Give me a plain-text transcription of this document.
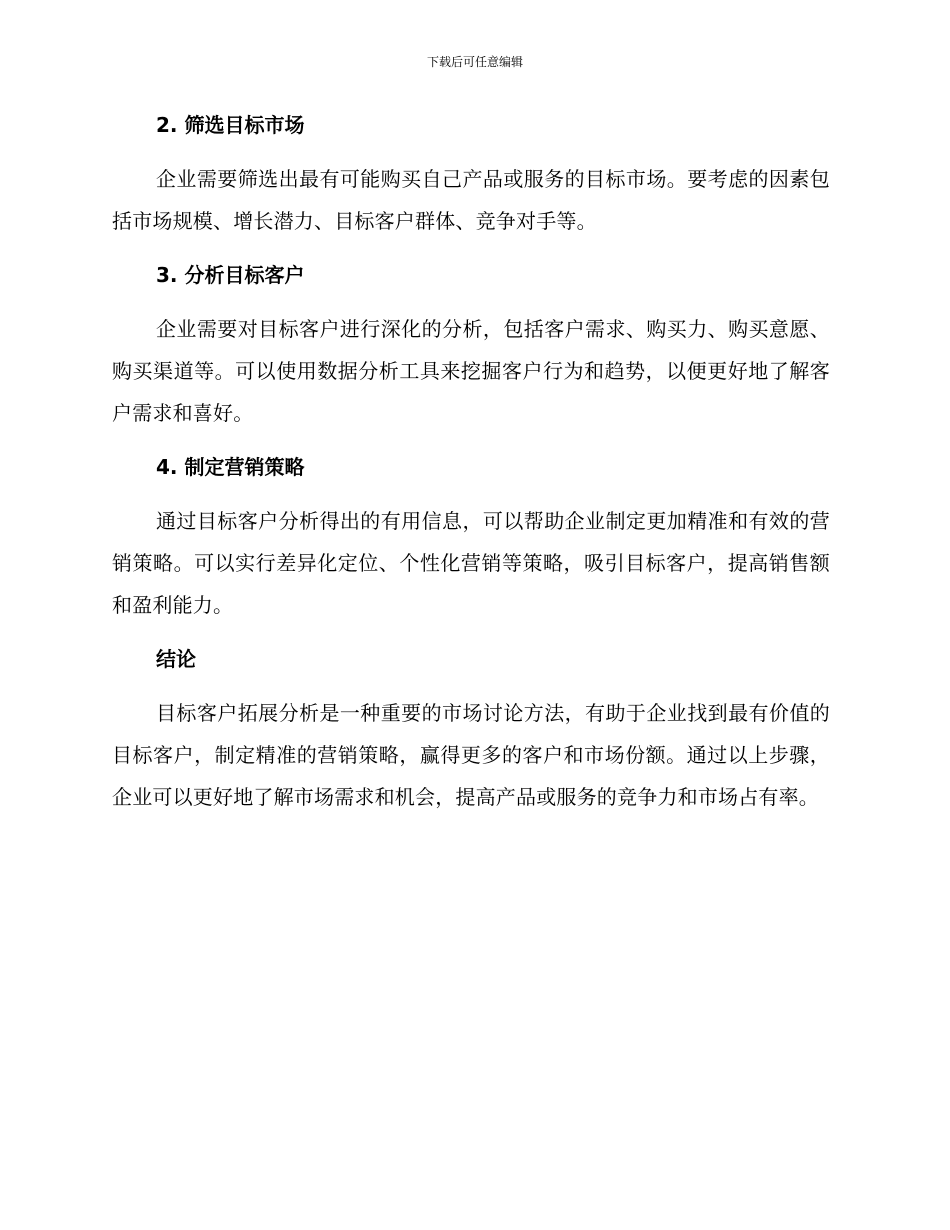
下载后可任意编辑
2. 筛选目标市场

企业需要筛选出最有可能购买自己产品或服务的目标市场。要考虑的因素包括市场规模、增长潜力、目标客户群体、竞争对手等。

3. 分析目标客户

企业需要对目标客户进行深化的分析，包括客户需求、购买力、购买意愿、购买渠道等。可以使用数据分析工具来挖掘客户行为和趋势，以便更好地了解客户需求和喜好。

4. 制定营销策略

通过目标客户分析得出的有用信息，可以帮助企业制定更加精准和有效的营销策略。可以实行差异化定位、个性化营销等策略，吸引目标客户，提高销售额和盈利能力。

结论

目标客户拓展分析是一种重要的市场讨论方法，有助于企业找到最有价值的目标客户，制定精准的营销策略，赢得更多的客户和市场份额。通过以上步骤，企业可以更好地了解市场需求和机会，提高产品或服务的竞争力和市场占有率。
